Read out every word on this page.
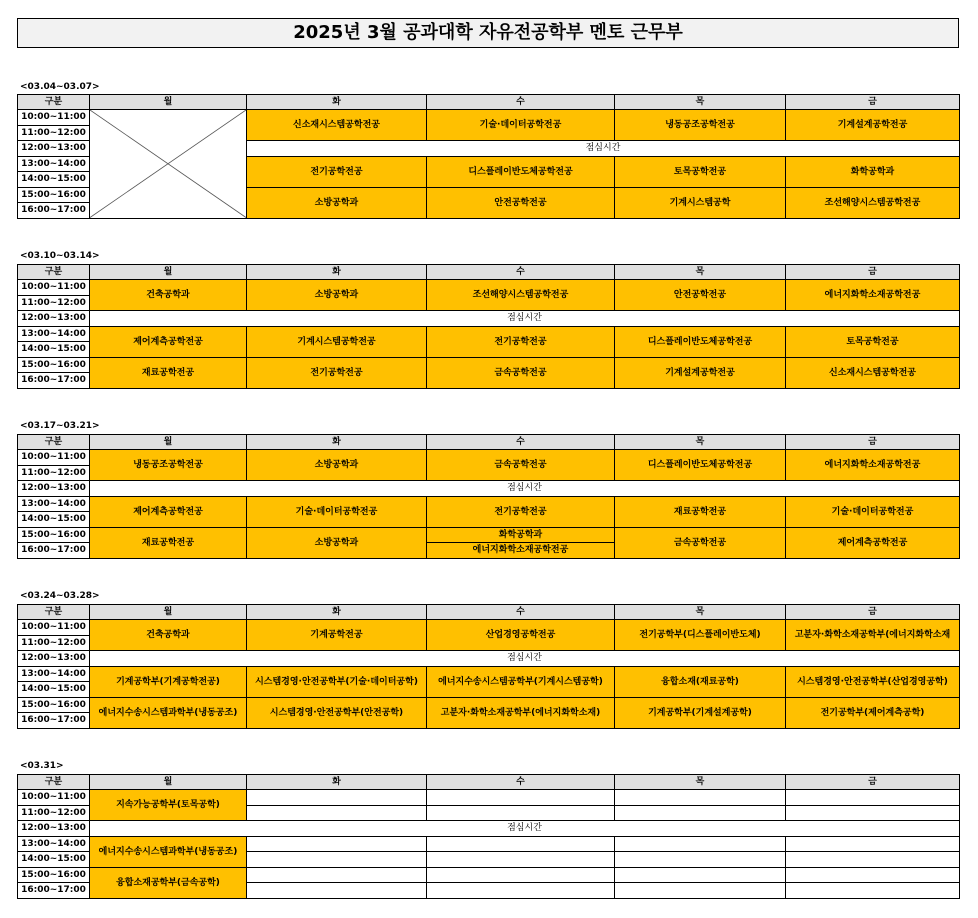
2025년 3월 공과대학 자유전공학부 멘토 근무부
<03.04~03.07>
구분	월	화	수	목	금
10:00~11:00		신소재시스템공학전공	기술·데이터공학전공	냉동공조공학전공	기계설계공학전공
11:00~12:00					
12:00~13:00		점심시간			
13:00~14:00		전기공학전공	디스플레이반도체공학전공	토목공학전공	화학공학과
14:00~15:00					
15:00~16:00		소방공학과	안전공학전공	기계시스템공학	조선해양시스템공학전공
16:00~17:00					
<03.10~03.14>
구분	월	화	수	목	금
10:00~11:00	건축공학과	소방공학과	조선해양시스템공학전공	안전공학전공	에너지화학소재공학전공
11:00~12:00					
12:00~13:00	점심시간				
13:00~14:00	제어계측공학전공	기계시스템공학전공	전기공학전공	디스플레이반도체공학전공	토목공학전공
14:00~15:00					
15:00~16:00	재료공학전공	전기공학전공	금속공학전공	기계설계공학전공	신소재시스템공학전공
16:00~17:00					
<03.17~03.21>
구분	월	화	수	목	금
10:00~11:00	냉동공조공학전공	소방공학과	금속공학전공	디스플레이반도체공학전공	에너지화학소재공학전공
11:00~12:00					
12:00~13:00	점심시간				
13:00~14:00	제어계측공학전공	기술·데이터공학전공	전기공학전공	재료공학전공	기술·데이터공학전공
14:00~15:00					
15:00~16:00	재료공학전공	소방공학과	화학공학과	금속공학전공	제어계측공학전공
16:00~17:00			에너지화학소재공학전공		
<03.24~03.28>
구분	월	화	수	목	금
10:00~11:00	건축공학과	기계공학전공	산업경영공학전공	전기공학부(디스플레이반도체)	고분자·화학소재공학부(에너지화학소재
11:00~12:00					
12:00~13:00	점심시간				
13:00~14:00	기계공학부(기계공학전공)	시스템경영·안전공학부(기술·데이터공학)	에너지수송시스템공학부(기계시스템공학)	융합소재(재료공학)	시스템경영·안전공학부(산업경영공학)
14:00~15:00					
15:00~16:00	에너지수송시스템과학부(냉동공조)	시스템경영·안전공학부(안전공학)	고분자·화학소재공학부(에너지화학소재)	기계공학부(기계설계공학)	전기공학부(제어계측공학)
16:00~17:00					
<03.31>
구분	월	화	수	목	금
10:00~11:00	지속가능공학부(토목공학)				
11:00~12:00					
12:00~13:00	점심시간				
13:00~14:00	에너지수송시스템과학부(냉동공조)				
14:00~15:00					
15:00~16:00	융합소재공학부(금속공학)				
16:00~17:00					
